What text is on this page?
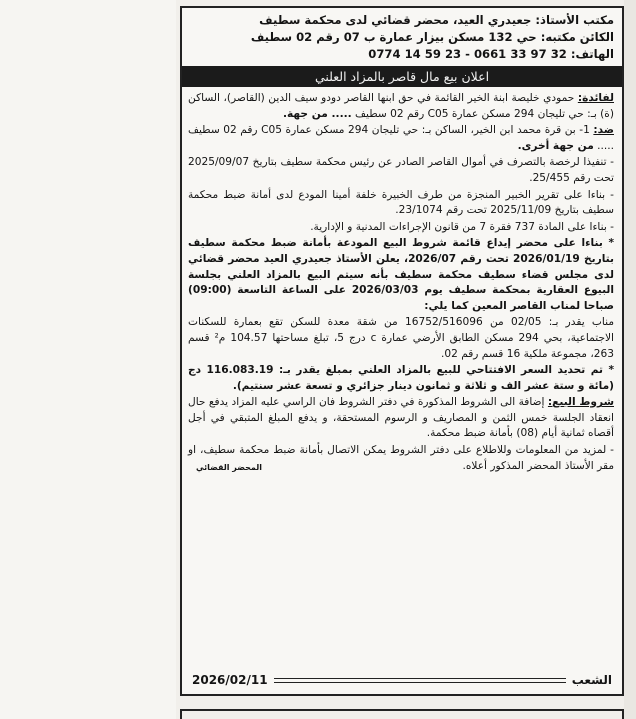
مكتب الأستاذ: جعيدري العيد، محضر قضائي لدى محكمة سطيف
الكائن مكتبه: حي 132 مسكن بيزار عمارة ب 07 رقم 02 سطيف
الهاتف: 32 97 33 0661 - 23 59 14 0774
اعلان بيع مال قاصر بالمزاد العلني

لفائدة: حمودي خليصة ابنة الخير القائمة في حق ابنها القاصر دودو سيف الدين (القاصر)، الساكن (ة) بـ: حي تليجان 294 مسكن عمارة C05 رقم 02 سطيف ..... من جهة.

ضد: 1- بن قرة محمد ابن الخير، الساكن بـ: حي تليجان 294 مسكن عمارة C05 رقم 02 سطيف ..... من جهة أخرى.

- تنفيذا لرخصة بالتصرف في أموال القاصر الصادر عن رئيس محكمة سطيف بتاريخ 2025/09/07 تحت رقم 25/455.

- بناءا على تقرير الخبير المنجزة من طرف الخبيرة خلفة أمينا المودع لدى أمانة ضبط محكمة سطيف بتاريخ 2025/11/09 تحت رقم 23/1074.

- بناءا على المادة 737 فقرة 7 من قانون الإجراءات المدنية و الإدارية.

* بناءا على محضر إيداع قائمة شروط البيع المودعة بأمانة ضبط محكمة سطيف بتاريخ 2026/01/19 تحت رقم 2026/07، يعلن الأستاذ جعيدري العيد محضر قضائي لدى مجلس قضاء سطيف محكمة سطيف بأنه سيتم البيع بالمزاد العلني بجلسة البيوع العقارية بمحكمة سطيف يوم 2026/03/03 على الساعة التاسعة (09:00) صباحا لمناب القاصر المعين كما يلي:

مناب يقدر بـ: 02/05 من 16752/516096 من شقة معدة للسكن تقع بعمارة للسكنات الاجتماعية، بحي 294 مسكن الطابق الأرضي عمارة c درج 5، تبلغ مساحتها 104.57 م² قسم 263، مجموعة ملكية 16 قسم رقم 02.

* تم تحديد السعر الافتتاحي للبيع بالمزاد العلني بمبلغ يقدر بـ: 116.083.19 دج (مائة و ستة عشر الف و ثلاثة و ثمانون دينار جزائري و تسعة عشر سنتيم).

شروط البيع: إضافة الى الشروط المذكورة في دفتر الشروط فان الراسي عليه المزاد يدفع حال انعقاد الجلسة خمس الثمن و المصاريف و الرسوم المستحقة، و يدفع المبلغ المتبقي في أجل أقصاه ثمانية أيام (08) بأمانة ضبط محكمة.

- لمزيد من المعلومات وللاطلاع على دفتر الشروط يمكن الاتصال بأمانة ضبط محكمة سطيف، او مقر الأستاذ المحضر المذكور أعلاه.

المحضر القضائي
الشعب
2026/02/11
